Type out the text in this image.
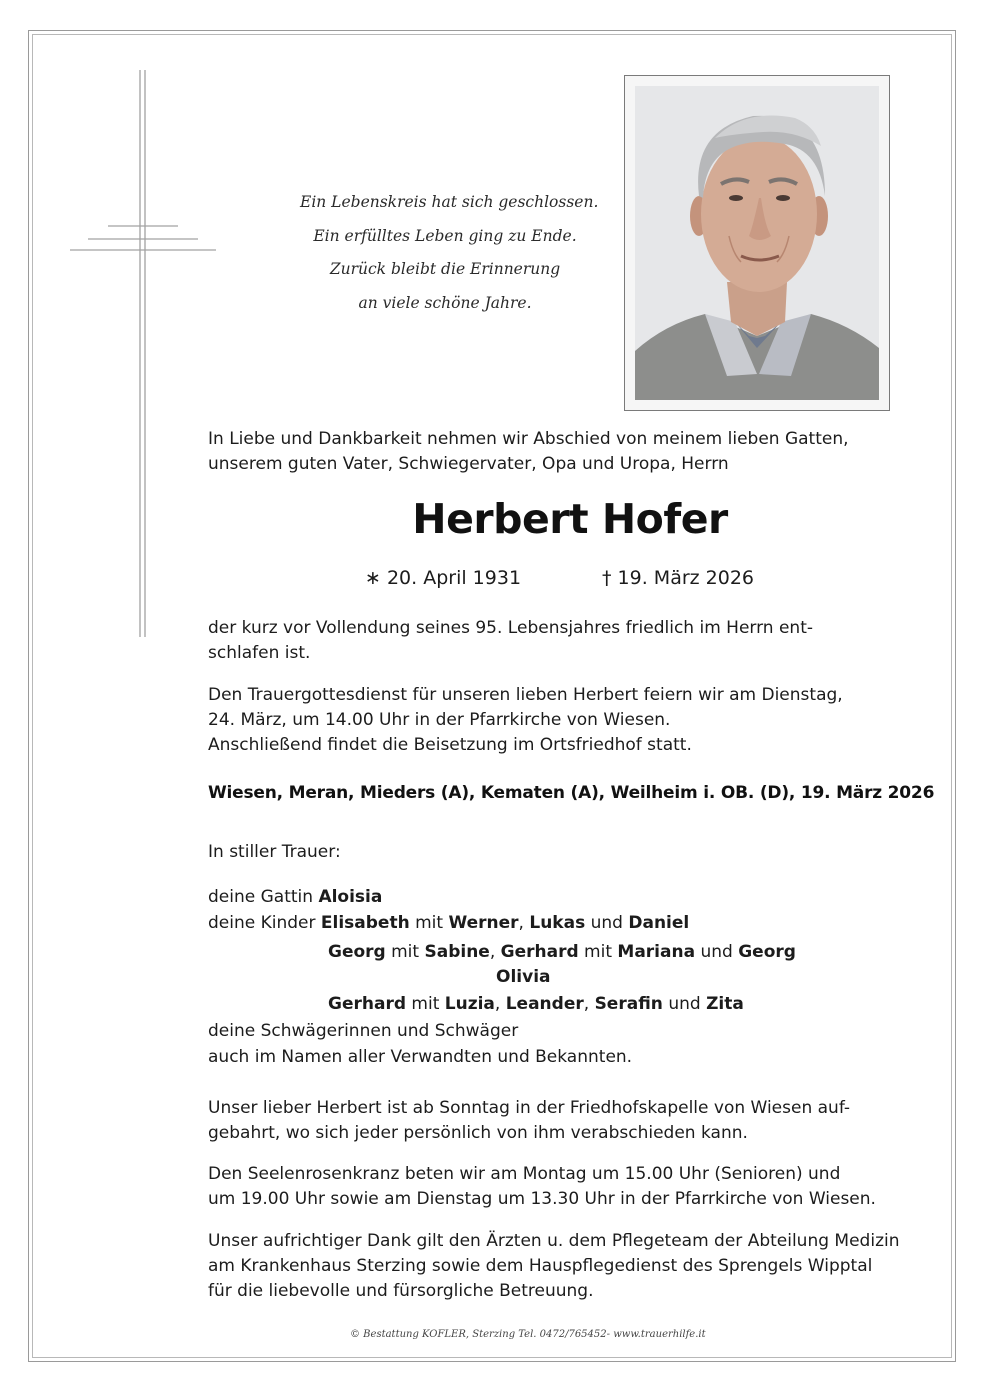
Ein Lebenskreis hat sich geschlossen.
Ein erfülltes Leben ging zu Ende.
Zurück bleibt die Erinnerung
an viele schöne Jahre.
In Liebe und Dankbarkeit nehmen wir Abschied von meinem lieben Gatten,
unserem guten Vater, Schwiegervater, Opa und Uropa, Herrn
Herbert Hofer
∗ 20. April 1931	† 19. März 2026
der kurz vor Vollendung seines 95. Lebensjahres friedlich im Herrn ent-
schlafen ist.
Den Trauergottesdienst für unseren lieben Herbert feiern wir am Dienstag,
24. März, um 14.00 Uhr in der Pfarrkirche von Wiesen.
Anschließend findet die Beisetzung im Ortsfriedhof statt.
Wiesen, Meran, Mieders (A), Kematen (A), Weilheim i. OB. (D), 19. März 2026
In stiller Trauer:
deine Gattin Aloisia
deine Kinder Elisabeth mit Werner, Lukas und Daniel
Georg mit Sabine, Gerhard mit Mariana und Georg
Olivia
Gerhard mit Luzia, Leander, Serafin und Zita
deine Schwägerinnen und Schwäger
auch im Namen aller Verwandten und Bekannten.
Unser lieber Herbert ist ab Sonntag in der Friedhofskapelle von Wiesen auf-
gebahrt, wo sich jeder persönlich von ihm verabschieden kann.
Den Seelenrosenkranz beten wir am Montag um 15.00 Uhr (Senioren) und
um 19.00 Uhr sowie am Dienstag um 13.30 Uhr in der Pfarrkirche von Wiesen.
Unser aufrichtiger Dank gilt den Ärzten u. dem Pflegeteam der Abteilung Medizin
am Krankenhaus Sterzing sowie dem Hauspflegedienst des Sprengels Wipptal
für die liebevolle und fürsorgliche Betreuung.
© Bestattung KOFLER, Sterzing Tel. 0472/765452- www.trauerhilfe.it
